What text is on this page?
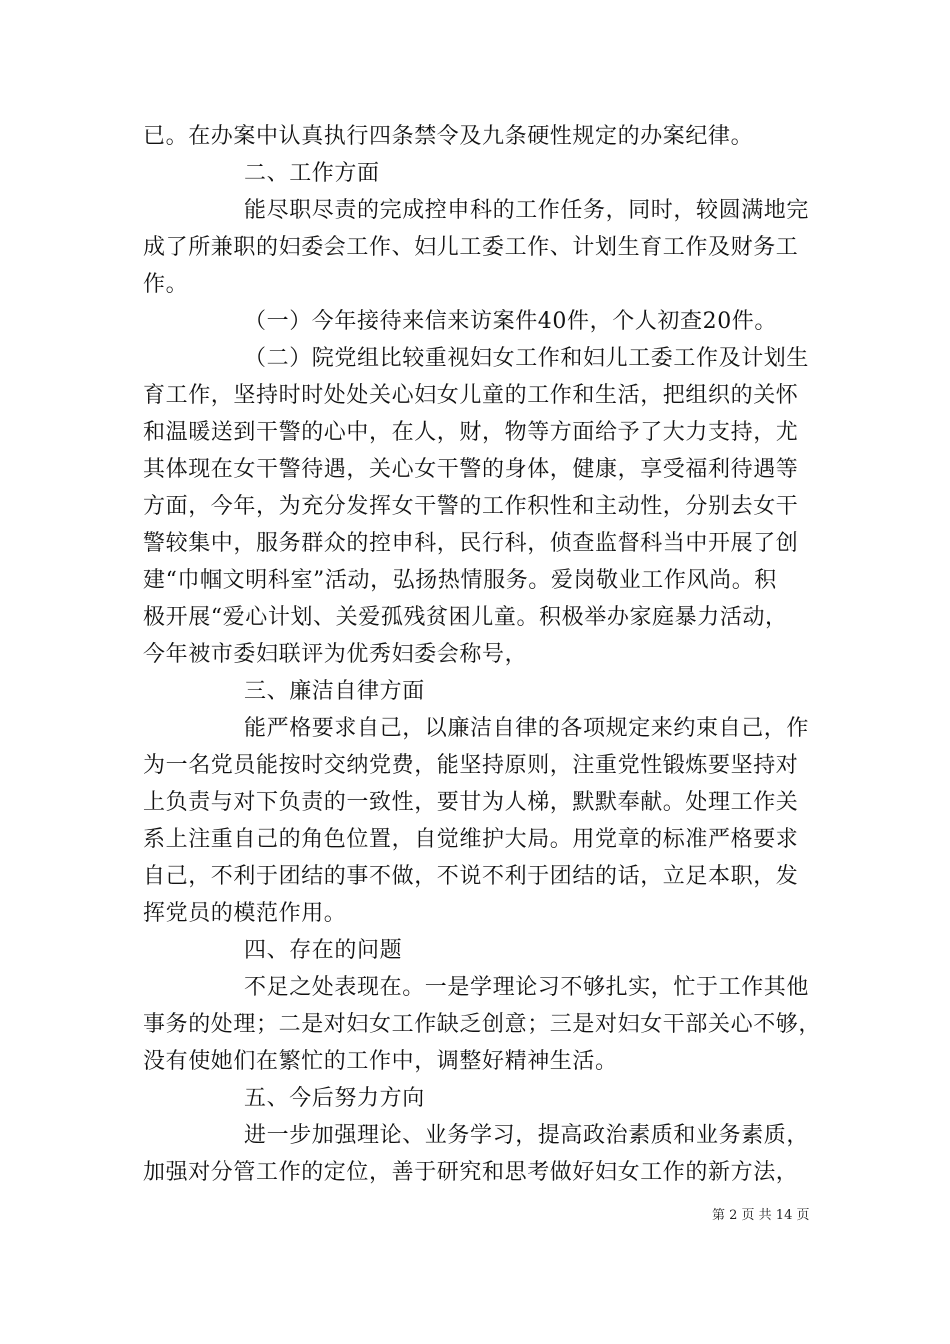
已。在办案中认真执行四条禁令及九条硬性规定的办案纪律。
二、工作方面
能尽职尽责的完成控申科的工作任务，同时，较圆满地完
成了所兼职的妇委会工作、妇儿工委工作、计划生育工作及财务工
作。
（一）今年接待来信来访案件40件，个人初查20件。
（二）院党组比较重视妇女工作和妇儿工委工作及计划生
育工作，坚持时时处处关心妇女儿童的工作和生活，把组织的关怀
和温暖送到干警的心中，在人，财，物等方面给予了大力支持，尤
其体现在女干警待遇，关心女干警的身体，健康，享受福利待遇等
方面，今年，为充分发挥女干警的工作积性和主动性，分别去女干
警较集中，服务群众的控申科，民行科，侦查监督科当中开展了创
建“巾帼文明科室”活动，弘扬热情服务。爱岗敬业工作风尚。积
极开展“爱心计划、关爱孤残贫困儿童。积极举办家庭暴力活动，
今年被市委妇联评为优秀妇委会称号，
三、廉洁自律方面
能严格要求自己，以廉洁自律的各项规定来约束自己，作
为一名党员能按时交纳党费，能坚持原则，注重党性锻炼要坚持对
上负责与对下负责的一致性，要甘为人梯，默默奉献。处理工作关
系上注重自己的角色位置，自觉维护大局。用党章的标准严格要求
自己，不利于团结的事不做，不说不利于团结的话，立足本职，发
挥党员的模范作用。
四、存在的问题
不足之处表现在。一是学理论习不够扎实，忙于工作其他
事务的处理；二是对妇女工作缺乏创意；三是对妇女干部关心不够，
没有使她们在繁忙的工作中，调整好精神生活。
五、今后努力方向
进一步加强理论、业务学习，提高政治素质和业务素质，
加强对分管工作的定位，善于研究和思考做好妇女工作的新方法，
第 2 页 共 14 页
